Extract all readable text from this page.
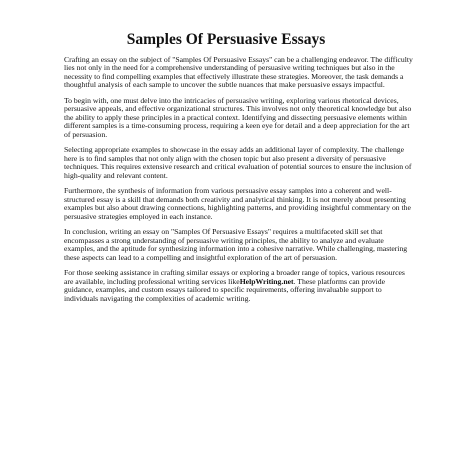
Samples Of Persuasive Essays

Crafting an essay on the subject of "Samples Of Persuasive Essays" can be a challenging endeavor. The difficulty lies not only in the need for a comprehensive understanding of persuasive writing techniques but also in the necessity to find compelling examples that effectively illustrate these strategies. Moreover, the task demands a thoughtful analysis of each sample to uncover the subtle nuances that make persuasive essays impactful.

To begin with, one must delve into the intricacies of persuasive writing, exploring various rhetorical devices, persuasive appeals, and effective organizational structures. This involves not only theoretical knowledge but also the ability to apply these principles in a practical context. Identifying and dissecting persuasive elements within different samples is a time-consuming process, requiring a keen eye for detail and a deep appreciation for the art of persuasion.

Selecting appropriate examples to showcase in the essay adds an additional layer of complexity. The challenge here is to find samples that not only align with the chosen topic but also present a diversity of persuasive techniques. This requires extensive research and critical evaluation of potential sources to ensure the inclusion of high-quality and relevant content.

Furthermore, the synthesis of information from various persuasive essay samples into a coherent and well-structured essay is a skill that demands both creativity and analytical thinking. It is not merely about presenting examples but also about drawing connections, highlighting patterns, and providing insightful commentary on the persuasive strategies employed in each instance.

In conclusion, writing an essay on "Samples Of Persuasive Essays" requires a multifaceted skill set that encompasses a strong understanding of persuasive writing principles, the ability to analyze and evaluate examples, and the aptitude for synthesizing information into a cohesive narrative. While challenging, mastering these aspects can lead to a compelling and insightful exploration of the art of persuasion.

For those seeking assistance in crafting similar essays or exploring a broader range of topics, various resources are available, including professional writing services likeHelpWriting.net. These platforms can provide guidance, examples, and custom essays tailored to specific requirements, offering invaluable support to individuals navigating the complexities of academic writing.
